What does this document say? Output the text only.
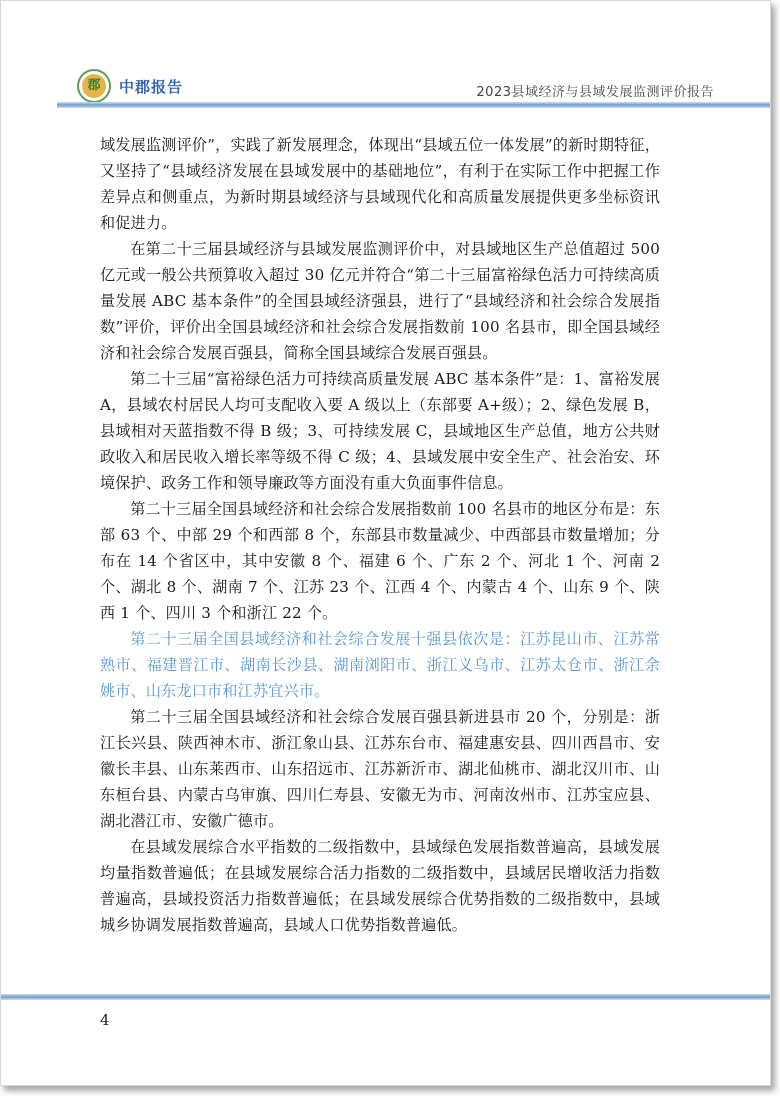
郡	中郡报告	2023县域经济与县域发展监测评价报告

域发展监测评价”，实践了新发展理念，体现出“县域五位一体发展”的新时期特征，又坚持了“县域经济发展在县域发展中的基础地位”，有利于在实际工作中把握工作差异点和侧重点，为新时期县域经济与县域现代化和高质量发展提供更多坐标资讯和促进力。

在第二十三届县域经济与县域发展监测评价中，对县域地区生产总值超过 500 亿元或一般公共预算收入超过 30 亿元并符合“第二十三届富裕绿色活力可持续高质量发展 ABC 基本条件”的全国县域经济强县，进行了“县域经济和社会综合发展指数”评价，评价出全国县域经济和社会综合发展指数前 100 名县市，即全国县域经济和社会综合发展百强县，简称全国县域综合发展百强县。

第二十三届“富裕绿色活力可持续高质量发展 ABC 基本条件”是：1、富裕发展 A，县域农村居民人均可支配收入要 A 级以上（东部要 A+级）；2、绿色发展 B，县域相对天蓝指数不得 B 级；3、可持续发展 C，县域地区生产总值，地方公共财政收入和居民收入增长率等级不得 C 级；4、县域发展中安全生产、社会治安、环境保护、政务工作和领导廉政等方面没有重大负面事件信息。

第二十三届全国县域经济和社会综合发展指数前 100 名县市的地区分布是：东部 63 个、中部 29 个和西部 8 个，东部县市数量减少、中西部县市数量增加；分布在 14 个省区中，其中安徽 8 个、福建 6 个、广东 2 个、河北 1 个、河南 2 个、湖北 8 个、湖南 7 个、江苏 23 个、江西 4 个、内蒙古 4 个、山东 9 个、陕西 1 个、四川 3 个和浙江 22 个。

第二十三届全国县域经济和社会综合发展十强县依次是：江苏昆山市、江苏常熟市、福建晋江市、湖南长沙县、湖南浏阳市、浙江义乌市、江苏太仓市、浙江余姚市、山东龙口市和江苏宜兴市。

第二十三届全国县域经济和社会综合发展百强县新进县市 20 个，分别是：浙江长兴县、陕西神木市、浙江象山县、江苏东台市、福建惠安县、四川西昌市、安徽长丰县、山东莱西市、山东招远市、江苏新沂市、湖北仙桃市、湖北汉川市、山东桓台县、内蒙古乌审旗、四川仁寿县、安徽无为市、河南汝州市、江苏宝应县、湖北潜江市、安徽广德市。

在县域发展综合水平指数的二级指数中，县域绿色发展指数普遍高，县域发展均量指数普遍低；在县域发展综合活力指数的二级指数中，县域居民增收活力指数普遍高，县域投资活力指数普遍低；在县域发展综合优势指数的二级指数中，县域城乡协调发展指数普遍高，县域人口优势指数普遍低。

4
